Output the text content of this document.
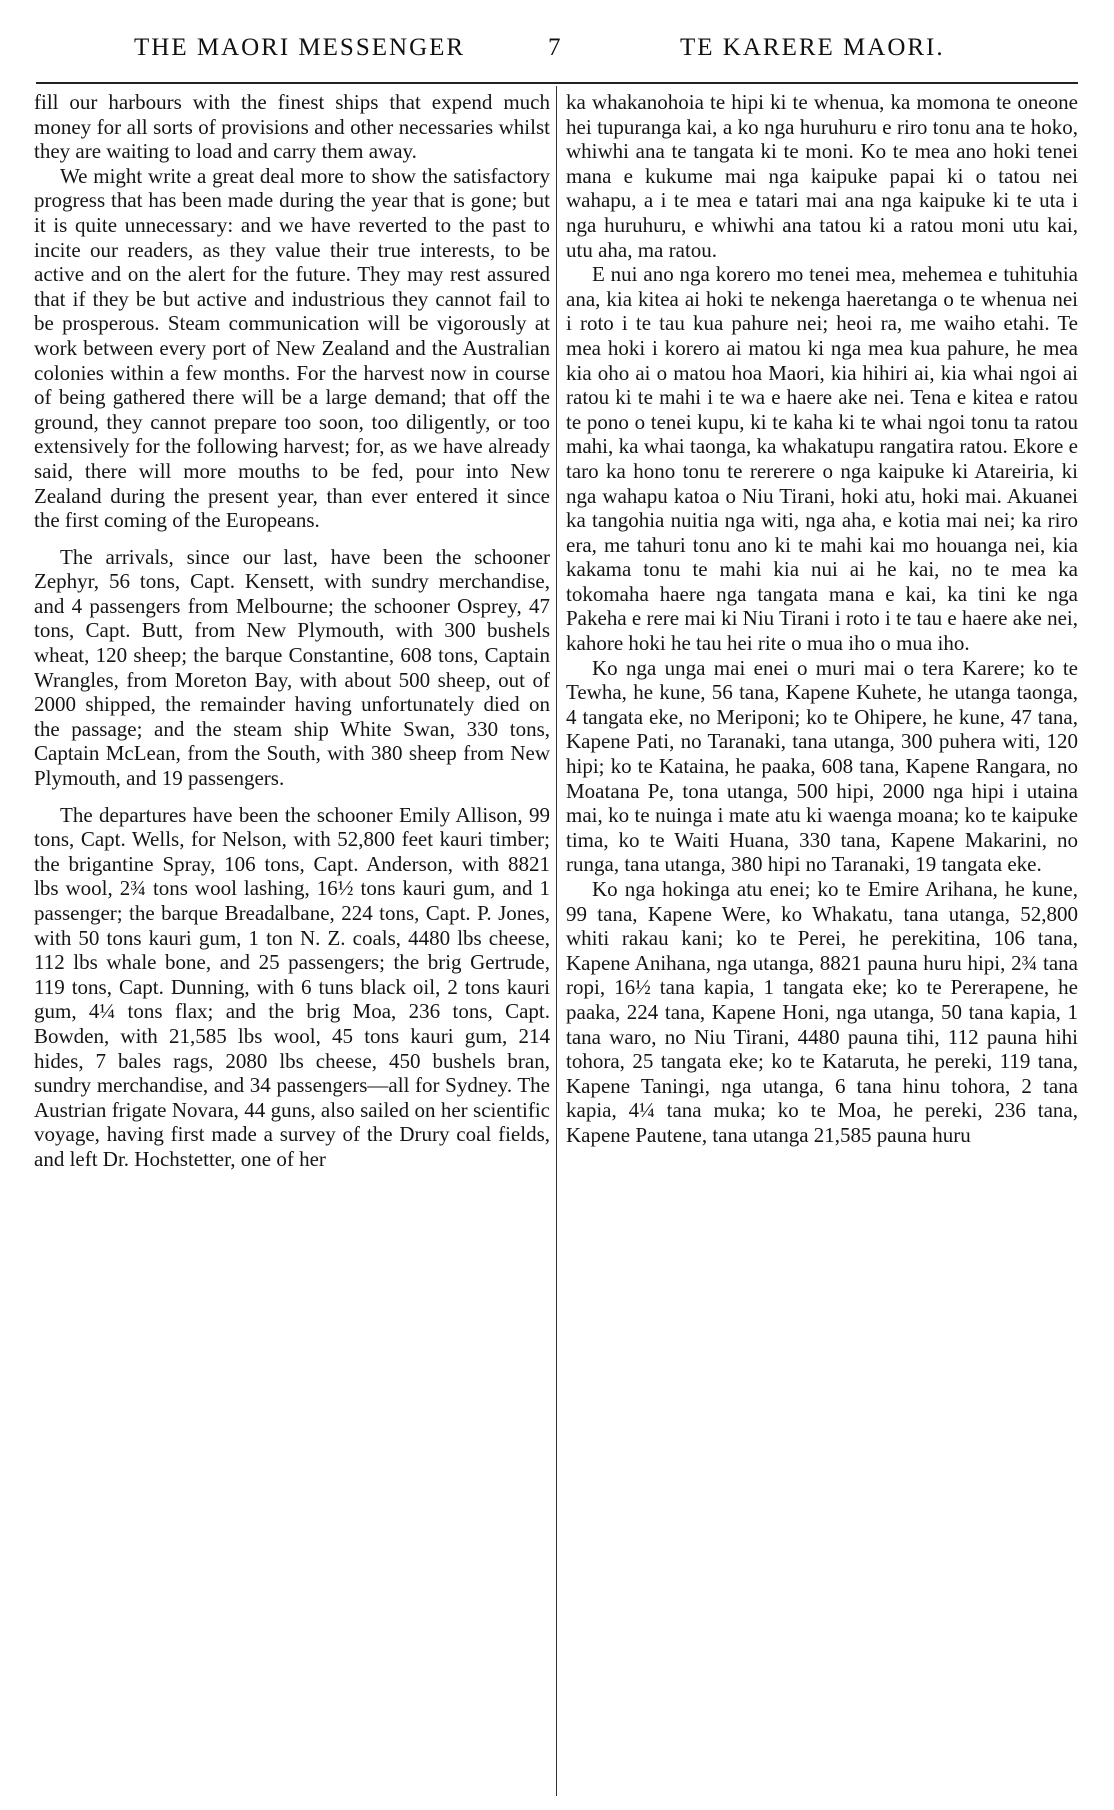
THE MAORI MESSENGER	7	TE KARERE MAORI.

fill our harbours with the finest ships that expend much money for all sorts of provisions and other necessaries whilst they are waiting to load and carry them away.

We might write a great deal more to show the satisfactory progress that has been made during the year that is gone; but it is quite unnecessary: and we have reverted to the past to incite our readers, as they value their true interests, to be active and on the alert for the future. They may rest assured that if they be but active and industrious they cannot fail to be prosperous. Steam communication will be vigorously at work between every port of New Zealand and the Australian colonies within a few months. For the harvest now in course of being gathered there will be a large demand; that off the ground, they cannot prepare too soon, too diligently, or too extensively for the following harvest; for, as we have already said, there will more mouths to be fed, pour into New Zealand during the present year, than ever entered it since the first coming of the Europeans.

The arrivals, since our last, have been the schooner Zephyr, 56 tons, Capt. Kensett, with sundry merchandise, and 4 passengers from Melbourne; the schooner Osprey, 47 tons, Capt. Butt, from New Plymouth, with 300 bushels wheat, 120 sheep; the barque Constantine, 608 tons, Captain Wrangles, from Moreton Bay, with about 500 sheep, out of 2000 shipped, the remainder having unfortunately died on the passage; and the steam ship White Swan, 330 tons, Captain McLean, from the South, with 380 sheep from New Plymouth, and 19 passengers.

The departures have been the schooner Emily Allison, 99 tons, Capt. Wells, for Nelson, with 52,800 feet kauri timber; the brigantine Spray, 106 tons, Capt. Anderson, with 8821 lbs wool, 2¾ tons wool lashing, 16½ tons kauri gum, and 1 passenger; the barque Breadalbane, 224 tons, Capt. P. Jones, with 50 tons kauri gum, 1 ton N. Z. coals, 4480 lbs cheese, 112 lbs whale bone, and 25 passengers; the brig Gertrude, 119 tons, Capt. Dunning, with 6 tuns black oil, 2 tons kauri gum, 4¼ tons flax; and the brig Moa, 236 tons, Capt. Bowden, with 21,585 lbs wool, 45 tons kauri gum, 214 hides, 7 bales rags, 2080 lbs cheese, 450 bushels bran, sundry merchandise, and 34 passengers—all for Sydney. The Austrian frigate Novara, 44 guns, also sailed on her scientific voyage, having first made a survey of the Drury coal fields, and left Dr. Hochstetter, one of her

ka whakanohoia te hipi ki te whenua, ka momona te oneone hei tupuranga kai, a ko nga huruhuru e riro tonu ana te hoko, whiwhi ana te tangata ki te moni. Ko te mea ano hoki tenei mana e kukume mai nga kaipuke papai ki o tatou nei wahapu, a i te mea e tatari mai ana nga kaipuke ki te uta i nga huruhuru, e whiwhi ana tatou ki a ratou moni utu kai, utu aha, ma ratou.

E nui ano nga korero mo tenei mea, mehemea e tuhituhia ana, kia kitea ai hoki te nekenga haeretanga o te whenua nei i roto i te tau kua pahure nei; heoi ra, me waiho etahi. Te mea hoki i korero ai matou ki nga mea kua pahure, he mea kia oho ai o matou hoa Maori, kia hihiri ai, kia whai ngoi ai ratou ki te mahi i te wa e haere ake nei. Tena e kitea e ratou te pono o tenei kupu, ki te kaha ki te whai ngoi tonu ta ratou mahi, ka whai taonga, ka whakatupu rangatira ratou. Ekore e taro ka hono tonu te rererere o nga kaipuke ki Atareiria, ki nga wahapu katoa o Niu Tirani, hoki atu, hoki mai. Akuanei ka tangohia nuitia nga witi, nga aha, e kotia mai nei; ka riro era, me tahuri tonu ano ki te mahi kai mo houanga nei, kia kakama tonu te mahi kia nui ai he kai, no te mea ka tokomaha haere nga tangata mana e kai, ka tini ke nga Pakeha e rere mai ki Niu Tirani i roto i te tau e haere ake nei, kahore hoki he tau hei rite o mua iho o mua iho.

Ko nga unga mai enei o muri mai o tera Karere; ko te Tewha, he kune, 56 tana, Kapene Kuhete, he utanga taonga, 4 tangata eke, no Meriponi; ko te Ohipere, he kune, 47 tana, Kapene Pati, no Taranaki, tana utanga, 300 puhera witi, 120 hipi; ko te Kataina, he paaka, 608 tana, Kapene Rangara, no Moatana Pe, tona utanga, 500 hipi, 2000 nga hipi i utaina mai, ko te nuinga i mate atu ki waenga moana; ko te kaipuke tima, ko te Waiti Huana, 330 tana, Kapene Makarini, no runga, tana utanga, 380 hipi no Taranaki, 19 tangata eke.

Ko nga hokinga atu enei; ko te Emire Arihana, he kune, 99 tana, Kapene Were, ko Whakatu, tana utanga, 52,800 whiti rakau kani; ko te Perei, he perekitina, 106 tana, Kapene Anihana, nga utanga, 8821 pauna huru hipi, 2¾ tana ropi, 16½ tana kapia, 1 tangata eke; ko te Pererapene, he paaka, 224 tana, Kapene Honi, nga utanga, 50 tana kapia, 1 tana waro, no Niu Tirani, 4480 pauna tihi, 112 pauna hihi tohora, 25 tangata eke; ko te Kataruta, he pereki, 119 tana, Kapene Taningi, nga utanga, 6 tana hinu tohora, 2 tana kapia, 4¼ tana muka; ko te Moa, he pereki, 236 tana, Kapene Pautene, tana utanga 21,585 pauna huru
